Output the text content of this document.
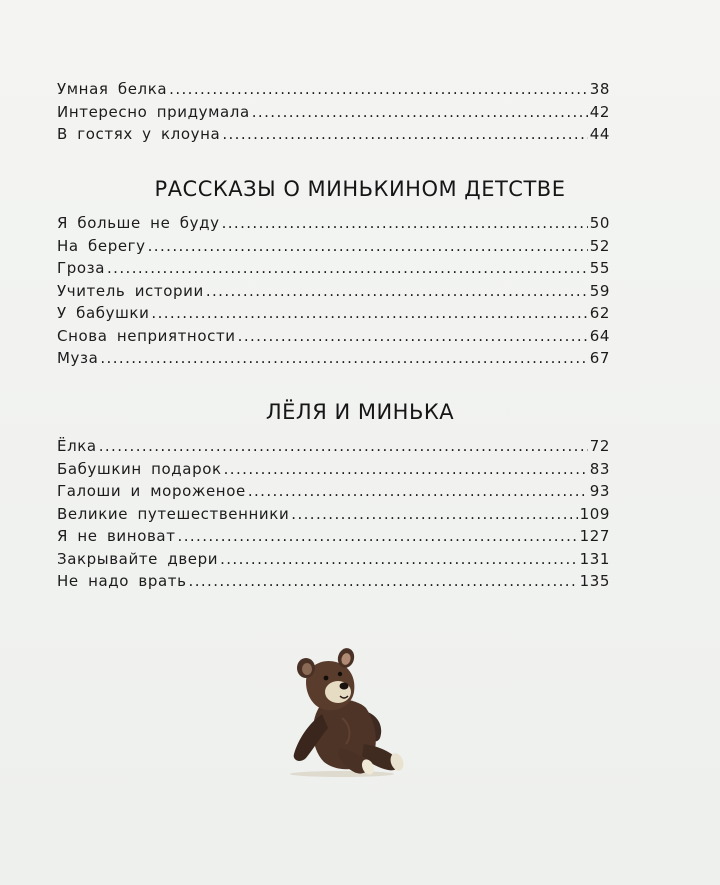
Умная белка .....	38
Интересно придумала .....	42
В гостях у клоуна .....	44
РАССКАЗЫ О МИНЬКИНОМ ДЕТСТВЕ
Я больше не буду .....	50
На берегу .....	52
Гроза .....	55
Учитель истории .....	59
У бабушки .....	62
Снова неприятности .....	64
Муза .....	67
ЛЁЛЯ И МИНЬКА
Ёлка .....	72
Бабушкин подарок .....	83
Галоши и мороженое .....	93
Великие путешественники .....	109
Я не виноват .....	127
Закрывайте двери .....	131
Не надо врать .....	135
